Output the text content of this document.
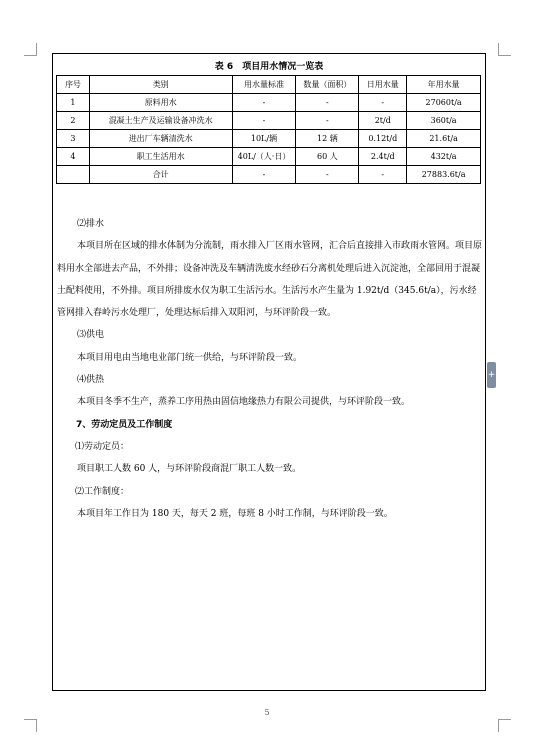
表 6　项目用水情况一览表
序号	类别	用水量标准	数量（面积）	日用水量	年用水量
1	原料用水	-	-	-	27060t/a
2	混凝土生产及运输设备冲洗水	-	-	2t/d	360t/a
3	进出厂车辆清洗水	10L/辆	12 辆	0.12t/d	21.6t/a
4	职工生活用水	40L/（人·日）	60 人	2.4t/d	432t/a
	合计	-	-	-	27883.6t/a

⑵排水

本项目所在区域的排水体制为分流制，雨水排入厂区雨水管网，汇合后直接排入市政雨水管网。项目原料用水全部进去产品，不外排；设备冲洗及车辆清洗废水经砂石分离机处理后进入沉淀池，全部回用于混凝土配料使用，不外排。项目所排废水仅为职工生活污水。生活污水产生量为 1.92t/d（345.6t/a），污水经管网排入春岭污水处理厂，处理达标后排入双阳河，与环评阶段一致。

⑶供电

本项目用电由当地电业部门统一供给，与环评阶段一致。

⑷供热

本项目冬季不生产，蒸养工序用热由固信地缘热力有限公司提供，与环评阶段一致。

7、劳动定员及工作制度

⑴劳动定员：

项目职工人数 60 人，与环评阶段商混厂职工人数一致。

⑵工作制度：

本项目年工作日为 180 天，每天 2 班，每班 8 小时工作制，与环评阶段一致。

+
5
